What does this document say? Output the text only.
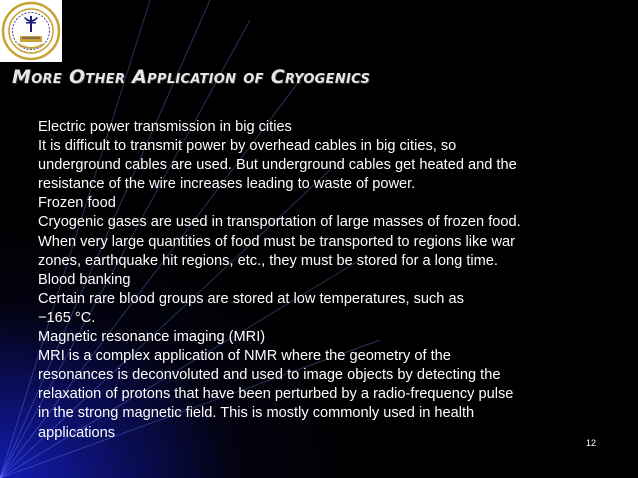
More Other Application of Cryogenics
Electric power transmission in big cities
It is difficult to transmit power by overhead cables in big cities, so
underground cables are used. But underground cables get heated and the
resistance of the wire increases leading to waste of power.
Frozen food
Cryogenic gases are used in transportation of large masses of frozen food.
When very large quantities of food must be transported to regions like war
zones, earthquake hit regions, etc., they must be stored for a long time.
Blood banking
Certain rare blood groups are stored at low temperatures, such as
−165 °C.
Magnetic resonance imaging (MRI)
MRI is a complex application of NMR where the geometry of the
resonances is deconvoluted and used to image objects by detecting the
relaxation of protons that have been perturbed by a radio-frequency pulse
in the strong magnetic field. This is mostly commonly used in health
applications
12
